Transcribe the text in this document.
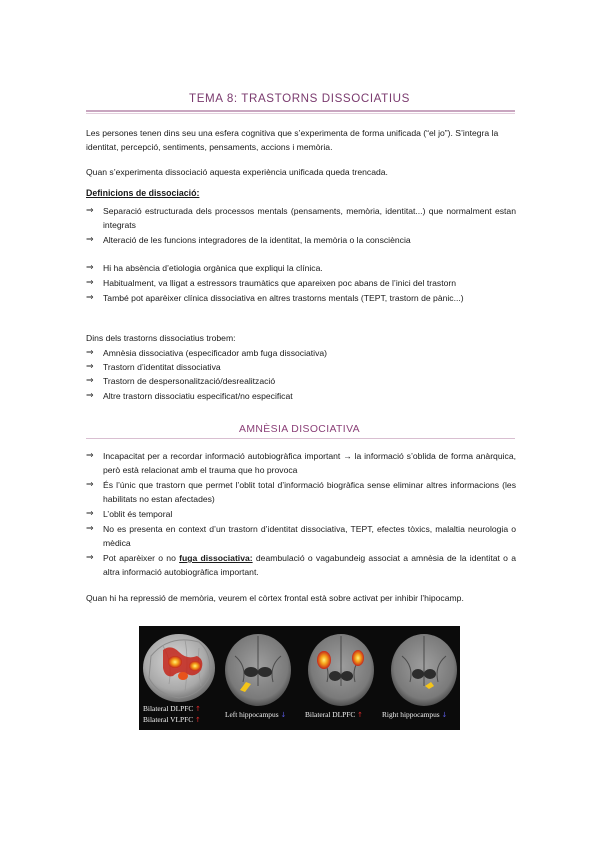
TEMA 8: TRASTORNS DISSOCIATIUS
Les persones tenen dins seu una esfera cognitiva que s’experimenta de forma unificada (“el jo”). S’integra la identitat, percepció, sentiments, pensaments, accions i memòria.
Quan s’experimenta dissociació aquesta experiència unificada queda trencada.
Definicions de dissociació:
⇒	Separació estructurada dels processos mentals (pensaments, memòria, identitat...) que normalment estan integrats
⇒	Alteració de les funcions integradores de la identitat, la memòria o la consciència
⇒	Hi ha absència d’etiologia orgànica que expliqui la clínica.
⇒	Habitualment, va lligat a estressors traumàtics que apareixen poc abans de l’inici del trastorn
⇒	També pot aparèixer clínica dissociativa en altres trastorns mentals (TEPT, trastorn de pànic...)
Dins dels trastorns dissociatius trobem:
⇒	Amnèsia dissociativa (especificador amb fuga dissociativa)
⇒	Trastorn d’identitat dissociativa
⇒	Trastorn de despersonalització/desrealització
⇒	Altre trastorn dissociatiu especificat/no especificat
AMNÈSIA DISOCIATIVA
⇒	Incapacitat per a recordar informació autobiogràfica important → la informació s’oblida de forma anàrquica, però està relacionat amb el trauma que ho provoca
⇒	És l’únic que trastorn que permet l’oblit total d’informació biogràfica sense eliminar altres informacions (les habilitats no estan afectades)
⇒	L’oblit és temporal
⇒	No es presenta en context d’un trastorn d’identitat dissociativa, TEPT, efectes tòxics, malaltia neurologia o mèdica
⇒	Pot aparèixer o no fuga dissociativa: deambulació o vagabundeig associat a amnèsia de la identitat o a altra informació autobiogràfica important.
Quan hi ha repressió de memòria, veurem el còrtex frontal està sobre activat per inhibir l’hipocamp.
Bilateral DLPFC ↑
Bilateral VLPFC ↑
Left hippocampus ↓	Bilateral DLPFC ↑	Right hippocampus ↓
